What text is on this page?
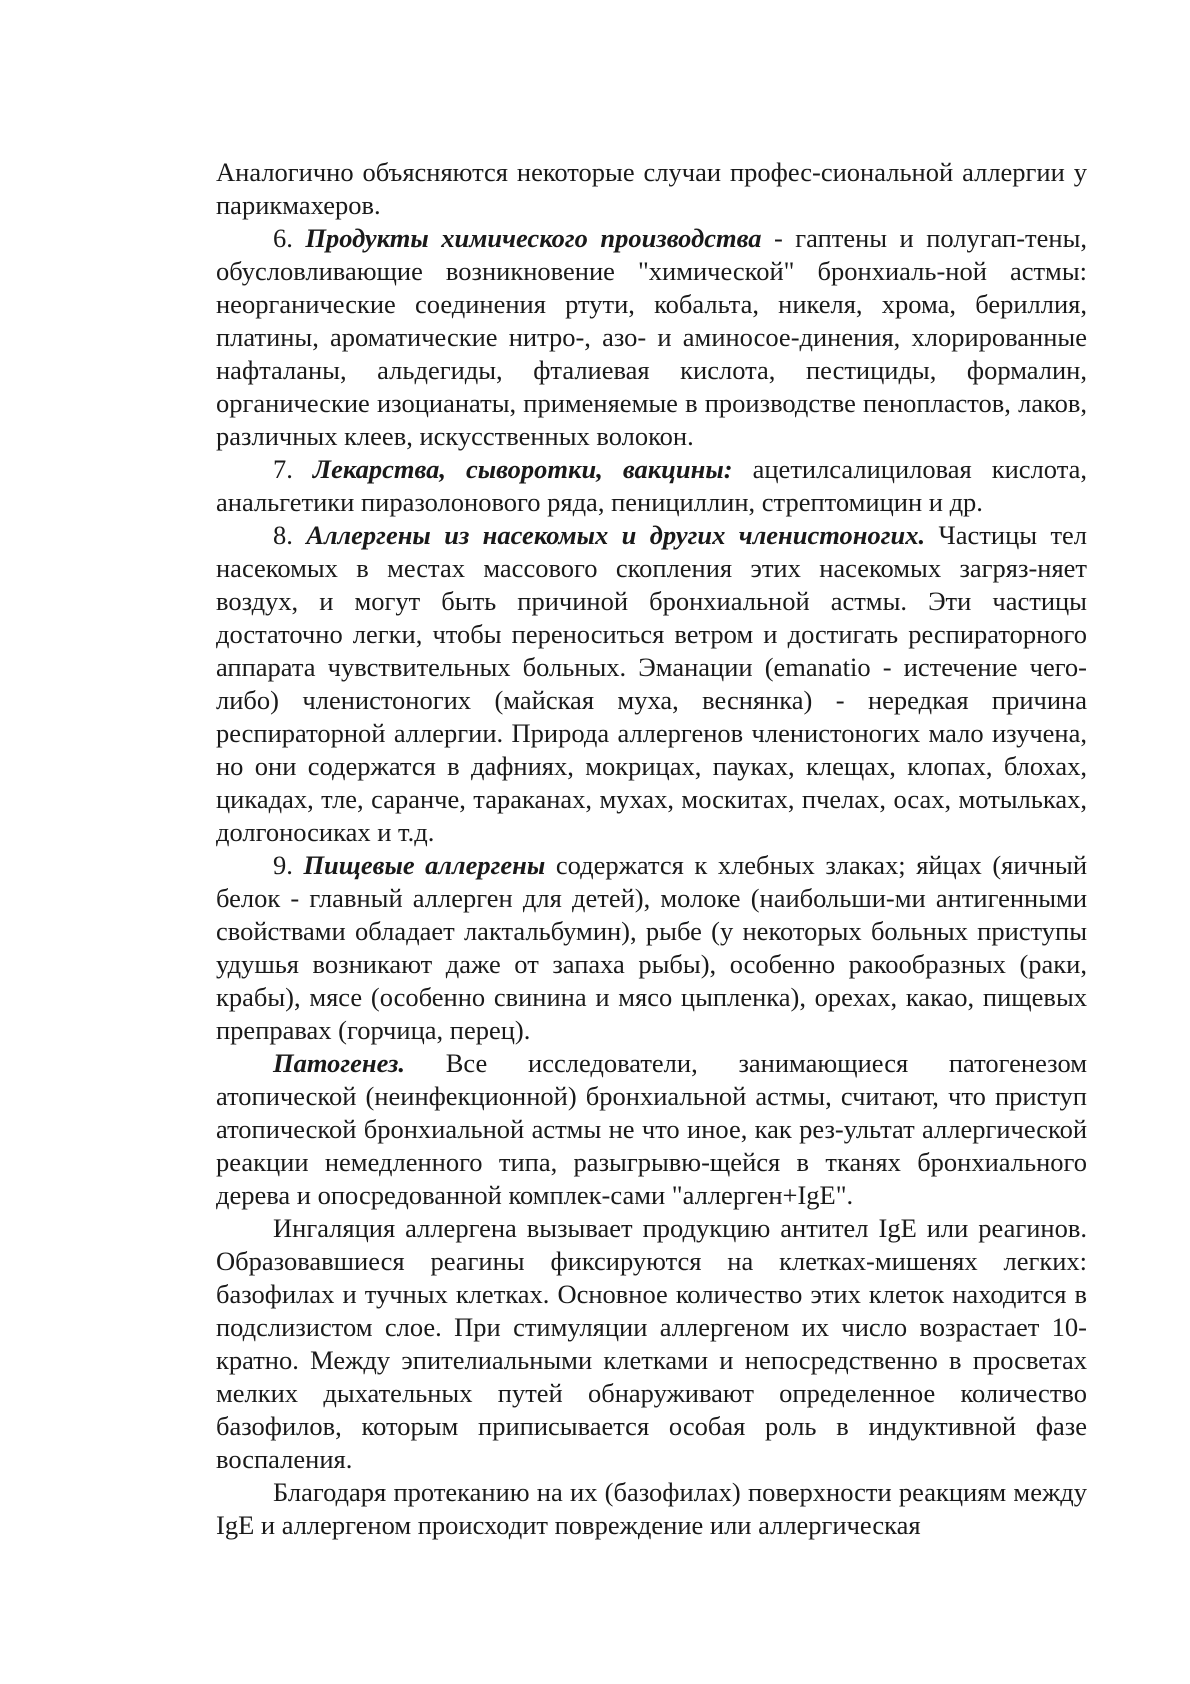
Аналогично объясняются некоторые случаи профес-сиональной аллергии у парикмахеров.

6. Продукты химического производства - гаптены и полугап-тены, обусловливающие возникновение "химической" бронхиаль-ной астмы: неорганические соединения ртути, кобальта, никеля, хрома, бериллия, платины, ароматические нитро-, азо- и аминосое-динения, хлорированные нафталаны, альдегиды, фталиевая кислота, пестициды, формалин, органические изоцианаты, применяемые в производстве пенопластов, лаков, различных клеев, искусственных волокон.

7. Лекарства, сыворотки, вакцины: ацетилсалициловая кислота, анальгетики пиразолонового ряда, пенициллин, стрептомицин и др.

8. Аллергены из насекомых и других членистоногих. Частицы тел насекомых в местах массового скопления этих насекомых загряз-няет воздух, и могут быть причиной бронхиальной астмы. Эти частицы достаточно легки, чтобы переноситься ветром и достигать респираторного аппарата чувствительных больных. Эманации (emanatio - истечение чего-либо) членистоногих (майская муха, веснянка) - нередкая причина респираторной аллергии. Природа аллергенов членистоногих мало изучена, но они содержатся в дафниях, мокрицах, пауках, клещах, клопах, блохах, цикадах, тле, саранче, тараканах, мухах, москитах, пчелах, осах, мотыльках, долгоносиках и т.д.

9. Пищевые аллергены содержатся к хлебных злаках; яйцах (яичный белок - главный аллерген для детей), молоке (наибольши-ми антигенными свойствами обладает лактальбумин), рыбе (у некоторых больных приступы удушья возникают даже от запаха рыбы), особенно ракообразных (раки, крабы), мясе (особенно свинина и мясо цыпленка), орехах, какао, пищевых преправах (горчица, перец).

Патогенез. Все исследователи, занимающиеся патогенезом атопической (неинфекционной) бронхиальной астмы, считают, что приступ атопической бронхиальной астмы не что иное, как рез-ультат аллергической реакции немедленного типа, разыгрывю-щейся в тканях бронхиального дерева и опосредованной комплек-сами "аллерген+IgE".

Ингаляция аллергена вызывает продукцию антител IgE или реагинов. Образовавшиеся реагины фиксируются на клетках-мишенях легких: базофилах и тучных клетках. Основное количество этих клеток находится в подслизистом слое. При стимуляции аллергеном их число возрастает 10-кратно. Между эпителиальными клетками и непосредственно в просветах мелких дыхательных путей обнаруживают определенное количество базофилов, которым приписывается особая роль в индуктивной фазе воспаления.

Благодаря протеканию на их (базофилах) поверхности реакциям между IgE и аллергеном происходит повреждение или аллергическая
